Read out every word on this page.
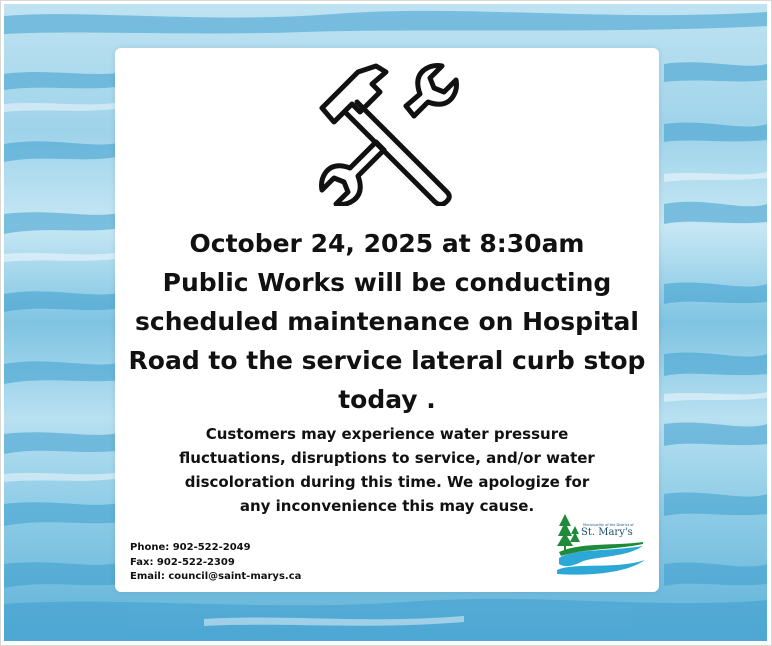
October 24, 2025 at 8:30am
Public Works will be conducting
scheduled maintenance on Hospital
Road to the service lateral curb stop
today .
Customers may experience water pressure
fluctuations, disruptions to service, and/or water
discoloration during this time. We apologize for
any inconvenience this may cause.
Phone: 902-522-2049
Fax: 902-522-2309
Email: council@saint-marys.ca
Municipality of the District of
St. Mary's
